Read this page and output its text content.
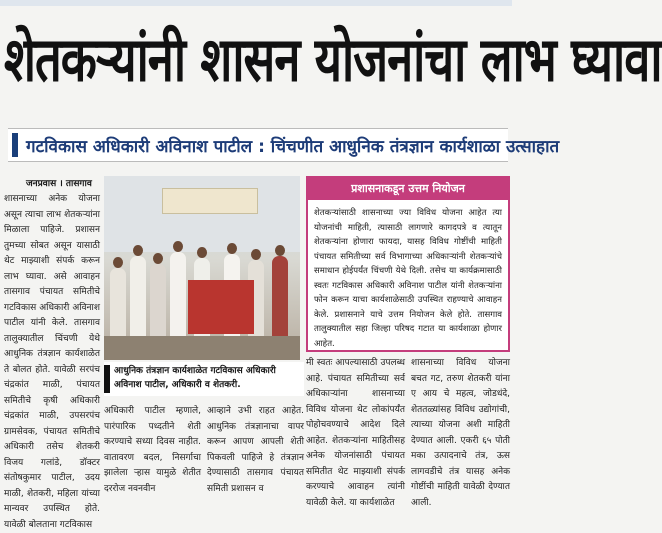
शेतकऱ्यांनी शासन योजनांचा लाभ घ्यावा
गटविकास अधिकारी अविनाश पाटील : चिंचणीत आधुनिक तंत्रज्ञान कार्यशाळा उत्साहात
जनप्रवास । तासगाव

शासनाच्या अनेक योजना असून त्याचा लाभ शेतकऱ्यांना मिळाला पाहिजे. प्रशासन तुमच्या सोबत असून यासाठी थेट माझ्याशी संपर्क करून लाभ घ्यावा. असे आवाहन तासगाव पंचायत समितीचे गटविकास अधिकारी अविनाश पाटील यांनी केले. तासगाव तालुक्यातील चिंचणी येथे आधुनिक तंत्रज्ञान कार्यशाळेत ते बोलत होते. यावेळी सरपंच चंद्रकांत माळी, पंचायत समितीचे कृषी अधिकारी चंद्रकांत माळी, उपसरपंच ग्रामसेवक, पंचायत समितीचे अधिकारी तसेच शेतकरी विजय गलांडे, डॉक्टर संतोषकुमार पाटील, उदय माळी, शेतकरी, महिला यांच्या मान्यवर उपस्थित होते. यावेळी बोलताना गटविकास

आधुनिक तंत्रज्ञान कार्यशाळेत गटविकास अधिकारी अविनाश पाटील, अधिकारी व शेतकरी.

अधिकारी पाटील म्हणाले, पारंपारिक पध्दतीने शेती करण्याचे सध्या दिवस नाहीत. वातावरण बदल, निसर्गाचा झालेला ऱ्हास यामुळे शेतीत दररोज नवनवीन

आव्हाने उभी राहत आहेत. आधुनिक तंत्रज्ञानाचा वापर करून आपण आपली शेती पिकवली पाहिजे हे तंत्रज्ञान देण्यासाठी तासगाव पंचायत समिती प्रशासन व

प्रशासनाकडून उत्तम नियोजन

शेतकऱ्यांसाठी शासनाच्या ज्या विविध योजना आहेत त्या योजनांची माहिती, त्यासाठी लागणारे कागदपत्रे व त्यातून शेतकऱ्यांना होणारा फायदा, यासह विविध गोष्टींची माहिती पंचायत समितीच्या सर्व विभागाच्या अधिकाऱ्यांनी शेतकऱ्यांचे समाधान होईपर्यंत चिंचणी येथे दिली. तसेच या कार्यक्रमासाठी स्वतः गटविकास अधिकारी अविनाश पाटील यांनी शेतकऱ्यांना फोन करून याचा कार्यशाळेसाठी उपस्थित राहण्याचे आवाहन केले. प्रशासनाने याचे उत्तम नियोजन केले होते. तासगाव तालुक्यातील सहा जिल्हा परिषद गटात या कार्यशाळा होणार आहेत.

मी स्वतः आपल्यासाठी उपलब्ध आहे. पंचायत समितीच्या सर्व अधिकाऱ्यांना शासनाच्या विविध योजना थेट लोकांपर्यंत पोहोचवण्याचे आदेश दिले आहेत. शेतकऱ्यांना माहितीसह अनेक योजनांसाठी पंचायत समितीत थेट माझ्याशी संपर्क करण्याचे आवाहन त्यांनी यावेळी केले. या कार्यशाळेत

शासनाच्या विविध योजना बचत गट, तरुण शेतकरी यांना ए आय चे महत्व, जोडधंदे, शेततळ्यांसह विविध उद्योगांची, त्याच्या योजना अशी माहिती देण्यात आली. एकरी ६५ पोती मका उत्पादनाचे तंत्र, ऊस लागवडीचे तंत्र यासह अनेक गोष्टींची माहिती यावेळी देण्यात आली.
